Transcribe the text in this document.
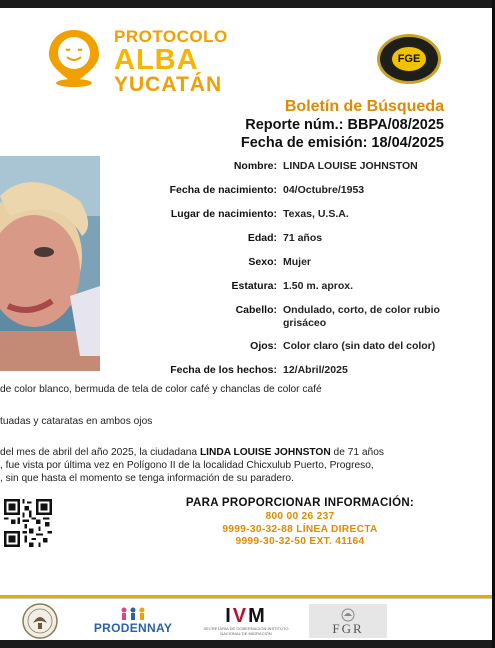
PROTOCOLO
ALBA
YUCATÁN
FGE
Boletín de Búsqueda
Reporte núm.: BBPA/08/2025
Fecha de emisión: 18/04/2025
Nombre: LINDA LOUISE JOHNSTON
Fecha de nacimiento: 04/Octubre/1953
Lugar de nacimiento: Texas, U.S.A.
Edad: 71 años
Sexo: Mujer
Estatura: 1.50 m. aprox.
Cabello: Ondulado, corto, de color rubio grisáceo
Ojos: Color claro (sin dato del color)
Fecha de los hechos: 12/Abril/2025
de color blanco, bermuda de tela de color café y chanclas de color café
tuadas y cataratas en ambos ojos
del mes de abril del año 2025, la ciudadana LINDA LOUISE JOHNSTON de 71 años
, fue vista por última vez en Polígono II de la localidad Chicxulub Puerto, Progreso,
, sin que hasta el momento se tenga información de su paradero.
PARA PROPORCIONAR INFORMACIÓN:
800 00 26 237
9999-30-32-88 LÍNEA DIRECTA
9999-30-32-50 EXT. 41164
PRODENNAY
IVM
SECRETARÍA DE GOBERNACIÓN INSTITUTO NACIONAL DE MIGRACIÓN	FGR
